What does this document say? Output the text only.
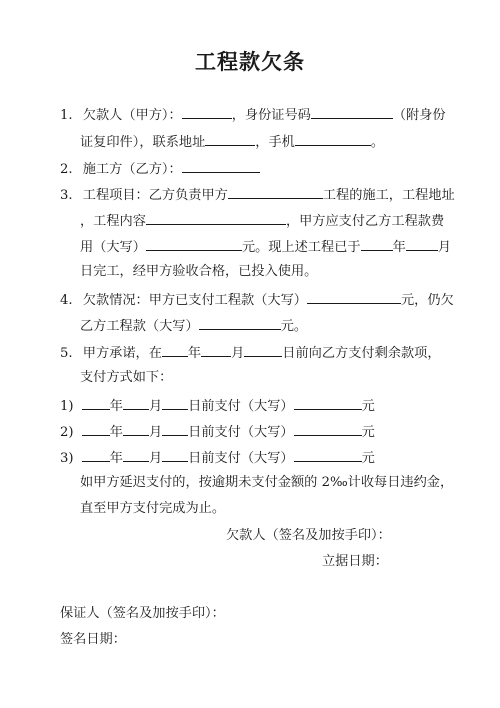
工程款欠条
1. 欠款人（甲方）：	，身份证号码	（附身份
证复印件），联系地址	，手机	。
2. 施工方（乙方）：
3. 工程项目：乙方负责甲方	工程的施工，工程地址
，工程内容	，甲方应支付乙方工程款费
用（大写）	元。现上述工程已于 年 月
日完工，经甲方验收合格，已投入使用。
4. 欠款情况：甲方已支付工程款（大写）	元，仍欠
乙方工程款（大写）	元。
5. 甲方承诺，在 年 月	日前向乙方支付剩余款项，
支付方式如下：
1)	年 月 日前支付（大写）	元
2)	年 月 日前支付（大写）	元
3)	年 月 日前支付（大写）	元
如甲方延迟支付的，按逾期未支付金额的 2‰计收每日违约金，
直至甲方支付完成为止。
欠款人（签名及加按手印）：
立据日期：
保证人（签名及加按手印）：
签名日期：
